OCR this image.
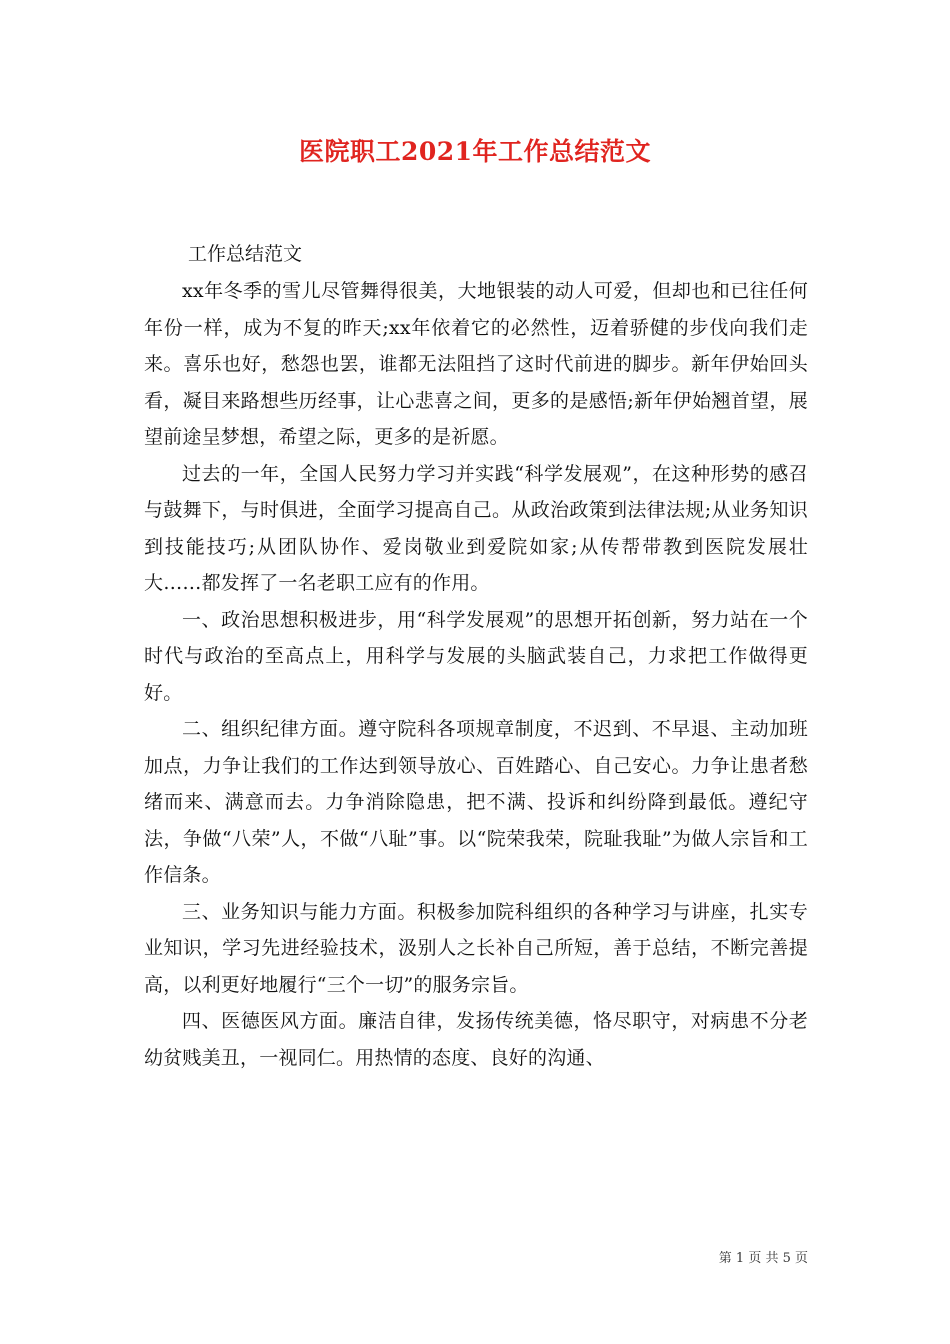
医院职工2021年工作总结范文
工作总结范文

xx年冬季的雪儿尽管舞得很美，大地银装的动人可爱，但却也和已往任何年份一样，成为不复的昨天;xx年依着它的必然性，迈着骄健的步伐向我们走来。喜乐也好，愁怨也罢，谁都无法阻挡了这时代前进的脚步。新年伊始回头看，凝目来路想些历经事，让心悲喜之间，更多的是感悟;新年伊始翘首望，展望前途呈梦想，希望之际，更多的是祈愿。

过去的一年，全国人民努力学习并实践“科学发展观”，在这种形势的感召与鼓舞下，与时俱进，全面学习提高自己。从政治政策到法律法规;从业务知识到技能技巧;从团队协作、爱岗敬业到爱院如家;从传帮带教到医院发展壮大……都发挥了一名老职工应有的作用。

一、政治思想积极进步，用“科学发展观”的思想开拓创新，努力站在一个时代与政治的至高点上，用科学与发展的头脑武装自己，力求把工作做得更好。

二、组织纪律方面。遵守院科各项规章制度，不迟到、不早退、主动加班加点，力争让我们的工作达到领导放心、百姓踏心、自己安心。力争让患者愁绪而来、满意而去。力争消除隐患，把不满、投诉和纠纷降到最低。遵纪守法，争做“八荣”人，不做“八耻”事。以“院荣我荣，院耻我耻”为做人宗旨和工作信条。

三、业务知识与能力方面。积极参加院科组织的各种学习与讲座，扎实专业知识，学习先进经验技术，汲别人之长补自己所短，善于总结，不断完善提高，以利更好地履行“三个一切”的服务宗旨。

四、医德医风方面。廉洁自律，发扬传统美德，恪尽职守，对病患不分老幼贫贱美丑，一视同仁。用热情的态度、良好的沟通、

第 1 页 共 5 页
